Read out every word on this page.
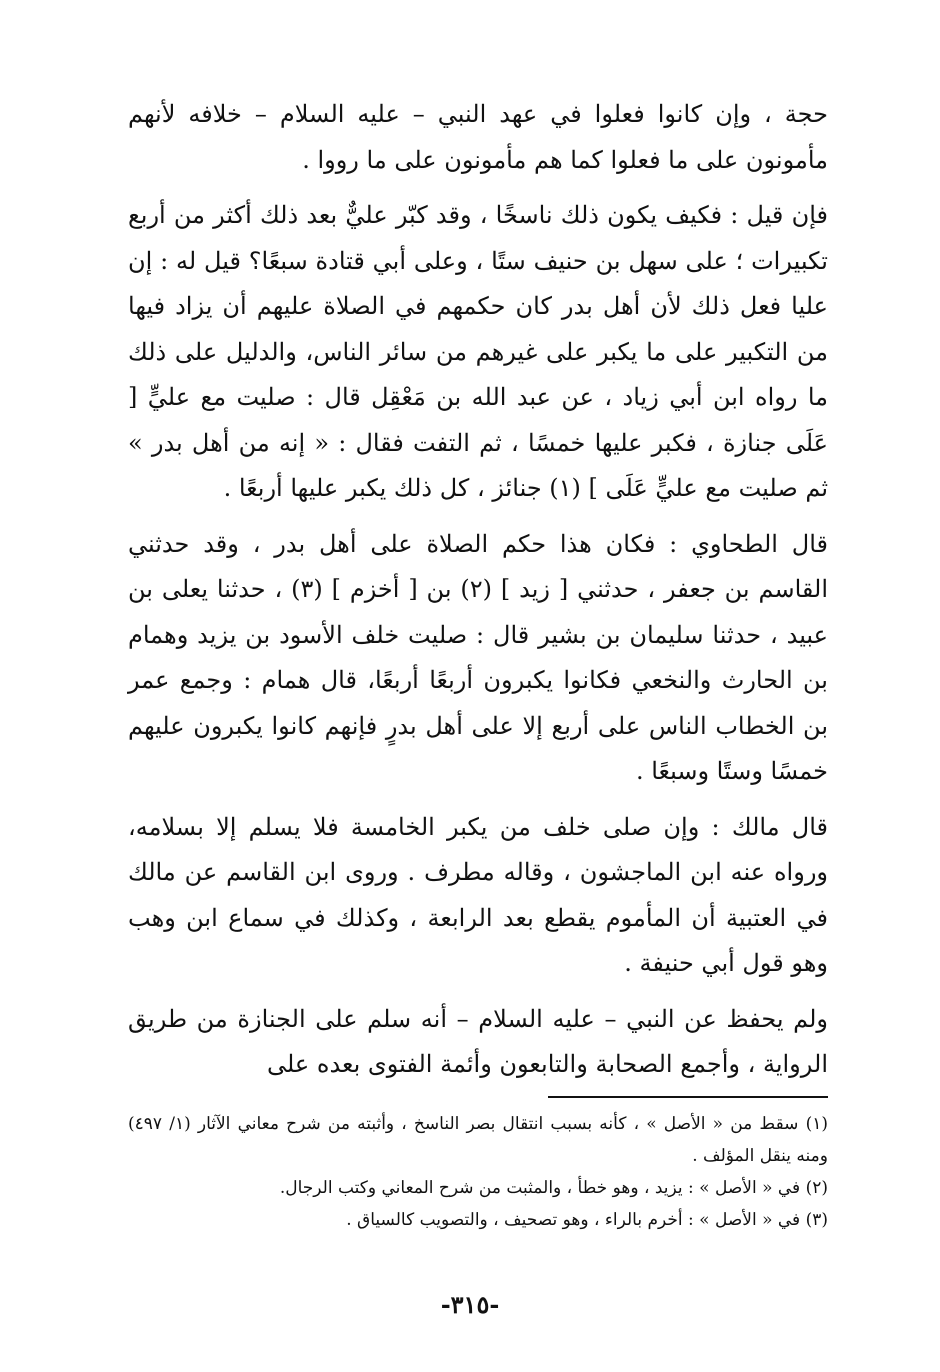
حجة ، وإن كانوا فعلوا في عهد النبي – عليه السلام – خلافه لأنهم مأمونون على ما فعلوا كما هم مأمونون على ما رووا .

فإن قيل : فكيف يكون ذلك ناسخًا ، وقد كبّر عليٌّ بعد ذلك أكثر من أربع تكبيرات ؛ على سهل بن حنيف ستًا ، وعلى أبي قتادة سبعًا؟ قيل له : إن عليا فعل ذلك لأن أهل بدر كان حكمهم في الصلاة عليهم أن يزاد فيها من التكبير على ما يكبر على غيرهم من سائر الناس، والدليل على ذلك ما رواه ابن أبي زياد ، عن عبد الله بن مَعْقِل قال : صليت مع عليٍّ [ عَلَى جنازة ، فكبر عليها خمسًا ، ثم التفت فقال : « إنه من أهل بدر » ثم صليت مع عليٍّ عَلَى ] (١) جنائز ، كل ذلك يكبر عليها أربعًا .

قال الطحاوي : فكان هذا حكم الصلاة على أهل بدر ، وقد حدثني القاسم بن جعفر ، حدثني [ زيد ] (٢) بن [ أخزم ] (٣) ، حدثنا يعلى بن عبيد ، حدثنا سليمان بن بشير قال : صليت خلف الأسود بن يزيد وهمام بن الحارث والنخعي فكانوا يكبرون أربعًا أربعًا، قال همام : وجمع عمر بن الخطاب الناس على أربع إلا على أهل بدرٍ فإنهم كانوا يكبرون عليهم خمسًا وستًا وسبعًا .

قال مالك : وإن صلى خلف من يكبر الخامسة فلا يسلم إلا بسلامه، ورواه عنه ابن الماجشون ، وقاله مطرف . وروى ابن القاسم عن مالك في العتبية أن المأموم يقطع بعد الرابعة ، وكذلك في سماع ابن وهب وهو قول أبي حنيفة .

ولم يحفظ عن النبي – عليه السلام – أنه سلم على الجنازة من طريق الرواية ، وأجمع الصحابة والتابعون وأئمة الفتوى بعده على

(١) سقط من « الأصل » ، كأنه بسبب انتقال بصر الناسخ ، وأثبته من شرح معاني الآثار (١/ ٤٩٧) ومنه ينقل المؤلف .

(٢) في « الأصل » : يزيد ، وهو خطأ ، والمثبت من شرح المعاني وكتب الرجال.

(٣) في « الأصل » : أخرم بالراء ، وهو تصحيف ، والتصويب كالسياق .

-٣١٥-
